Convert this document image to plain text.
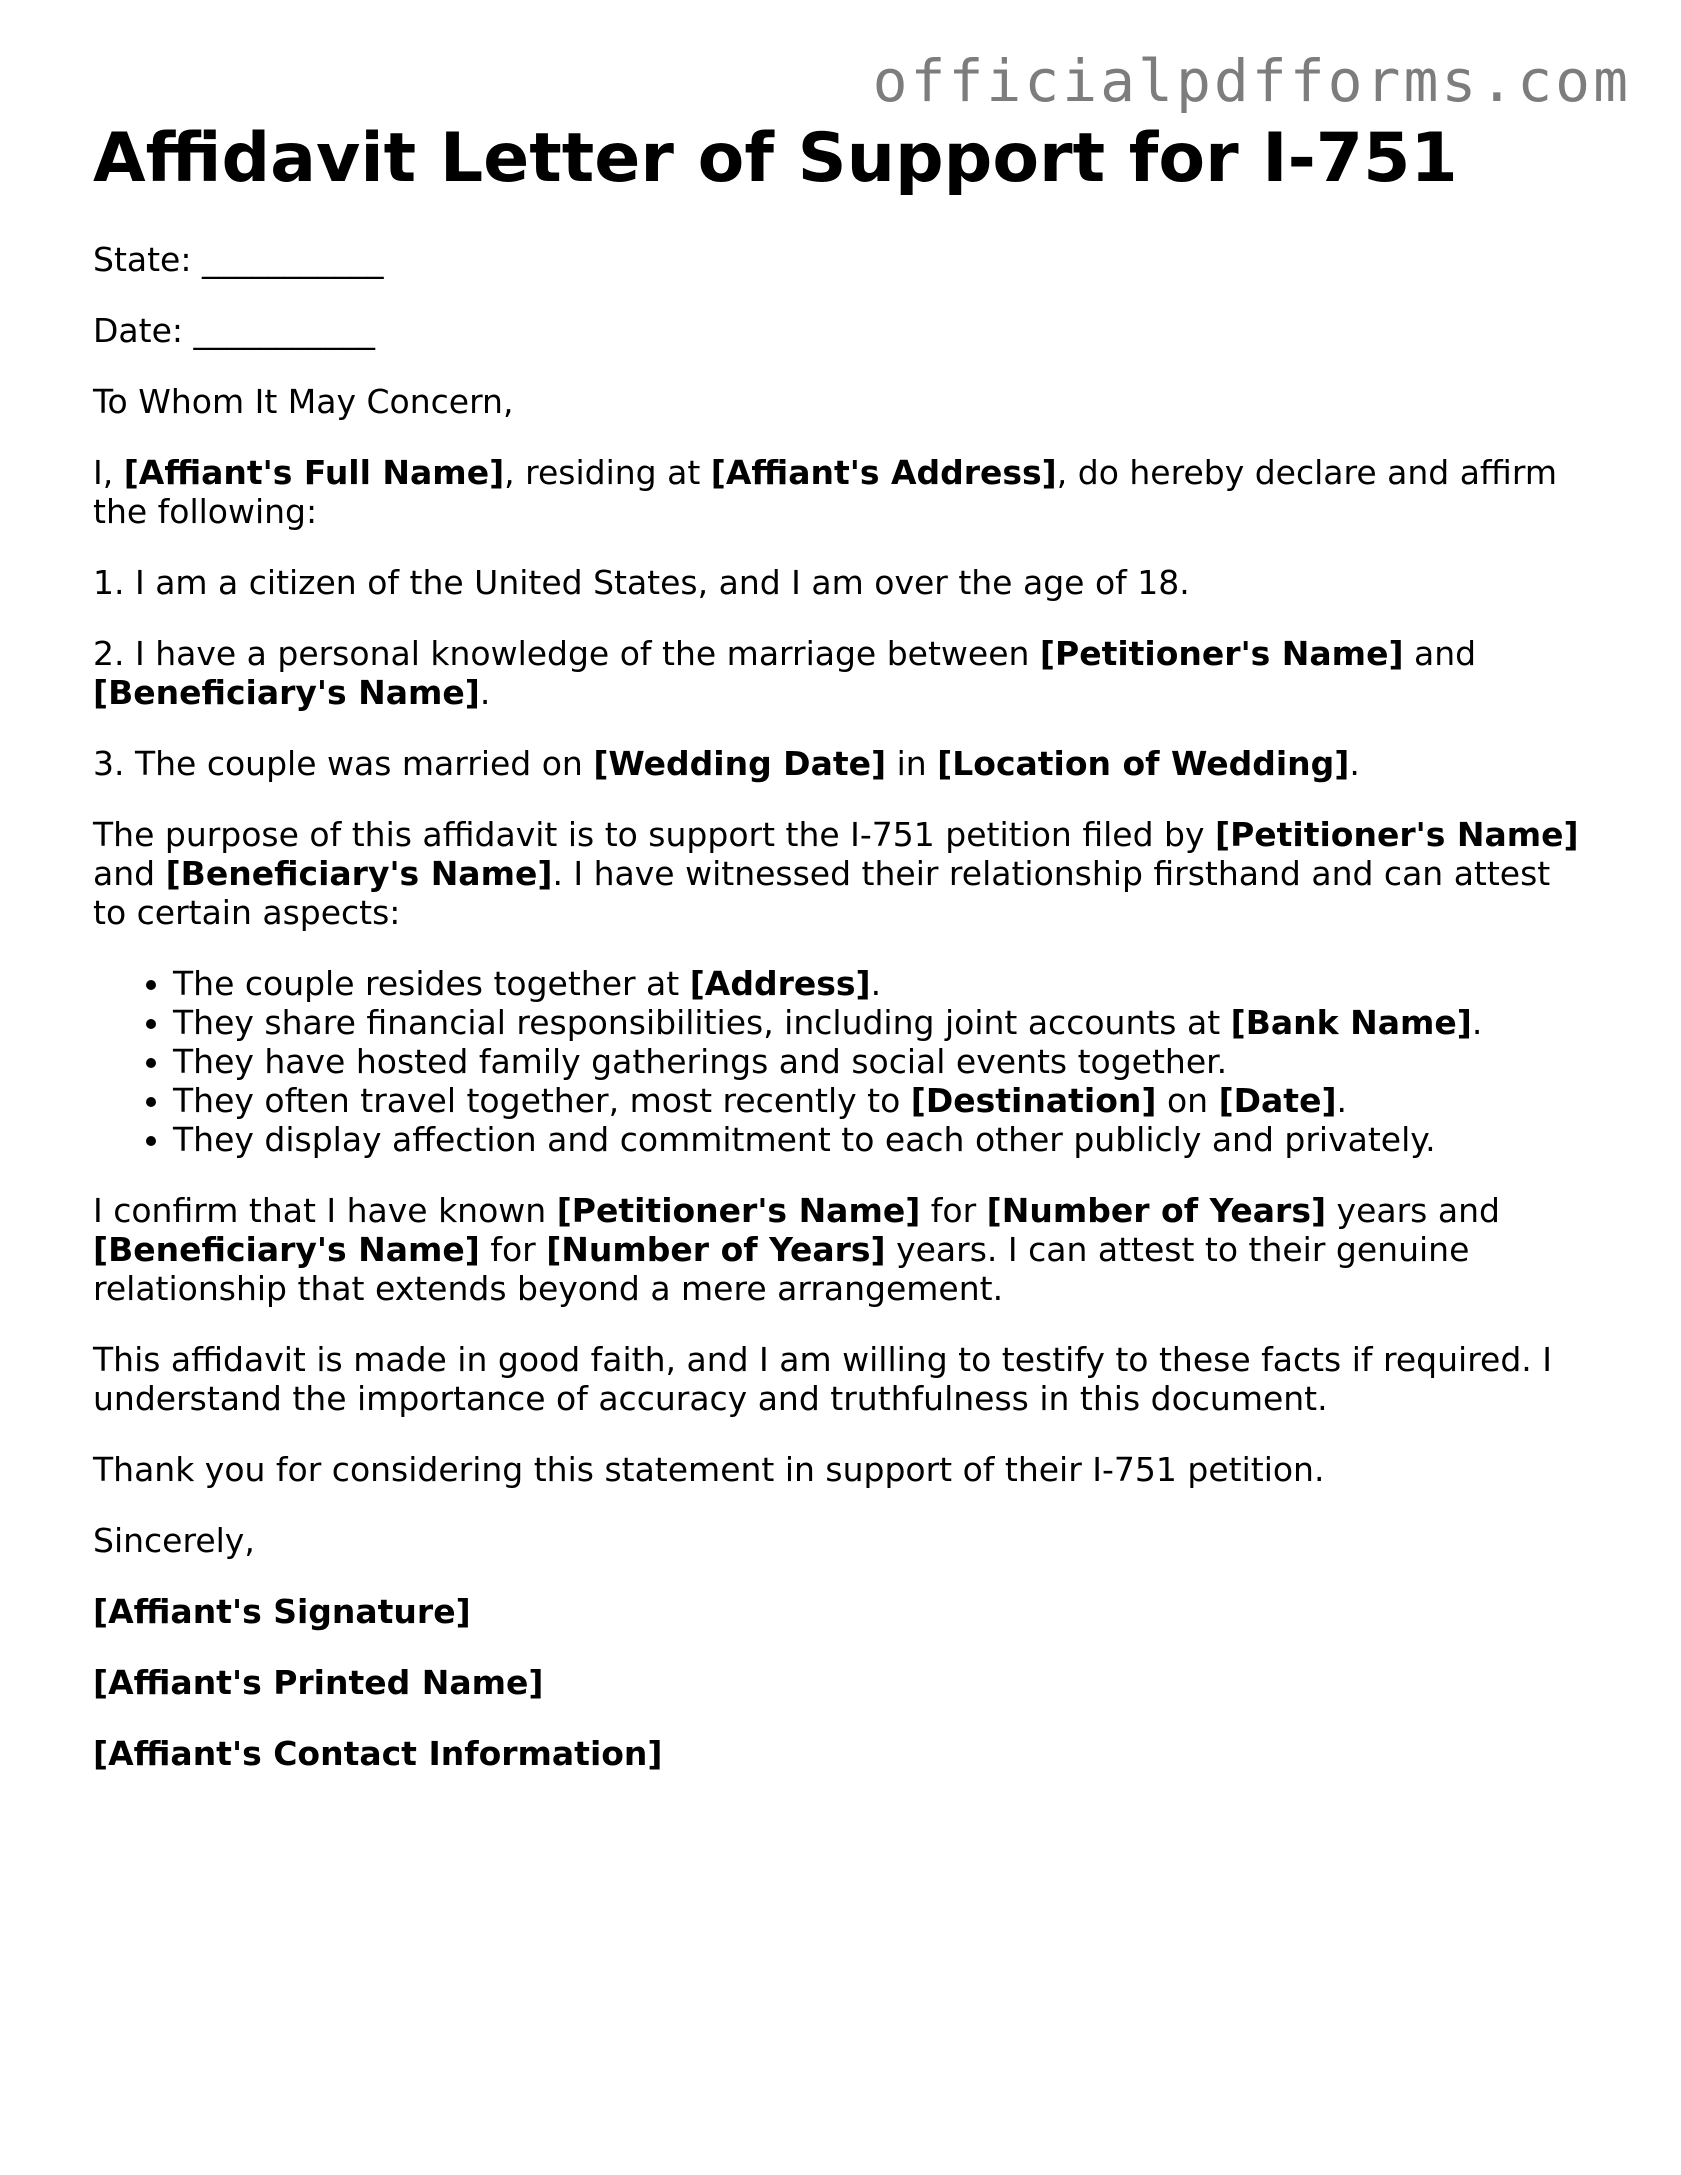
officialpdfforms.com
Affidavit Letter of Support for I-751

State: ___________

Date: ___________

To Whom It May Concern,

I, [Affiant's Full Name], residing at [Affiant's Address], do hereby declare and affirm the following:

1. I am a citizen of the United States, and I am over the age of 18.

2. I have a personal knowledge of the marriage between [Petitioner's Name] and [Beneficiary's Name].

3. The couple was married on [Wedding Date] in [Location of Wedding].

The purpose of this affidavit is to support the I-751 petition filed by [Petitioner's Name] and [Beneficiary's Name]. I have witnessed their relationship firsthand and can attest to certain aspects:

• The couple resides together at [Address].
• They share financial responsibilities, including joint accounts at [Bank Name].
• They have hosted family gatherings and social events together.
• They often travel together, most recently to [Destination] on [Date].
• They display affection and commitment to each other publicly and privately.

I confirm that I have known [Petitioner's Name] for [Number of Years] years and [Beneficiary's Name] for [Number of Years] years. I can attest to their genuine relationship that extends beyond a mere arrangement.

This affidavit is made in good faith, and I am willing to testify to these facts if required. I understand the importance of accuracy and truthfulness in this document.

Thank you for considering this statement in support of their I-751 petition.

Sincerely,

[Affiant's Signature]

[Affiant's Printed Name]

[Affiant's Contact Information]
